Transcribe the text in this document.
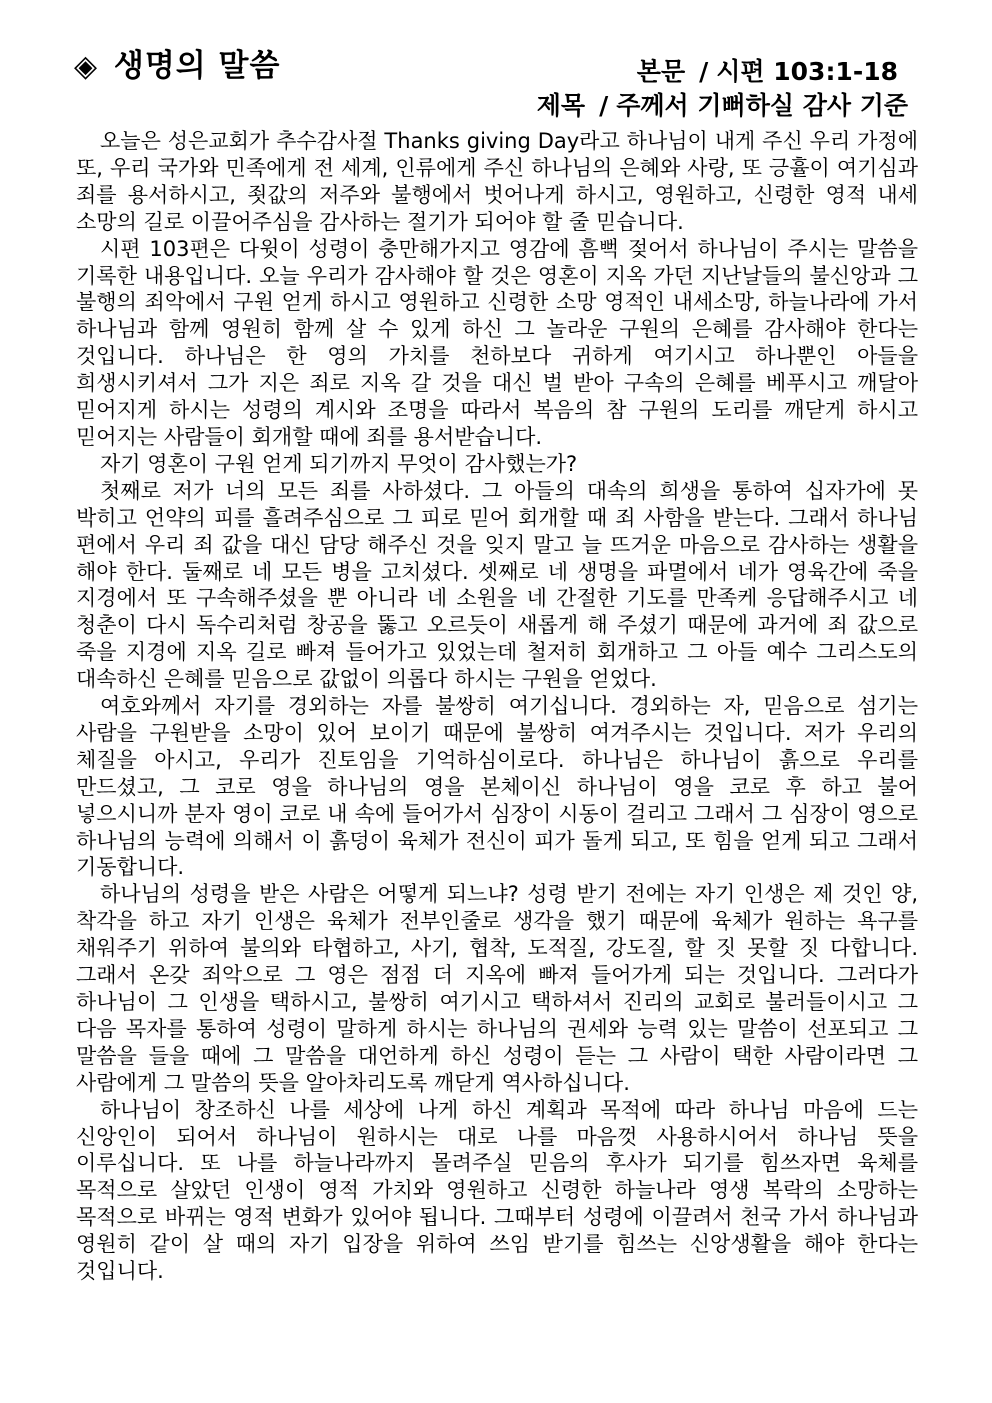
◈ 생명의 말씀	본문 / 시편 103:1-18
제목 / 주께서 기뻐하실 감사 기준

오늘은 성은교회가 추수감사절 Thanks giving Day라고 하나님이 내게 주신 우리 가정에 또, 우리 국가와 민족에게 전 세계, 인류에게 주신 하나님의 은혜와 사랑, 또 긍휼이 여기심과 죄를 용서하시고, 죗값의 저주와 불행에서 벗어나게 하시고, 영원하고, 신령한 영적 내세 소망의 길로 이끌어주심을 감사하는 절기가 되어야 할 줄 믿습니다.

시편 103편은 다윗이 성령이 충만해가지고 영감에 흠뻑 젖어서 하나님이 주시는 말씀을 기록한 내용입니다. 오늘 우리가 감사해야 할 것은 영혼이 지옥 가던 지난날들의 불신앙과 그 불행의 죄악에서 구원 얻게 하시고 영원하고 신령한 소망 영적인 내세소망, 하늘나라에 가서 하나님과 함께 영원히 함께 살 수 있게 하신 그 놀라운 구원의 은혜를 감사해야 한다는 것입니다. 하나님은 한 영의 가치를 천하보다 귀하게 여기시고 하나뿐인 아들을 희생시키셔서 그가 지은 죄로 지옥 갈 것을 대신 벌 받아 구속의 은혜를 베푸시고 깨달아 믿어지게 하시는 성령의 계시와 조명을 따라서 복음의 참 구원의 도리를 깨닫게 하시고 믿어지는 사람들이 회개할 때에 죄를 용서받습니다.

자기 영혼이 구원 얻게 되기까지 무엇이 감사했는가?

첫째로 저가 너의 모든 죄를 사하셨다. 그 아들의 대속의 희생을 통하여 십자가에 못 박히고 언약의 피를 흘려주심으로 그 피로 믿어 회개할 때 죄 사함을 받는다. 그래서 하나님 편에서 우리 죄 값을 대신 담당 해주신 것을 잊지 말고 늘 뜨거운 마음으로 감사하는 생활을 해야 한다. 둘째로 네 모든 병을 고치셨다. 셋째로 네 생명을 파멸에서 네가 영육간에 죽을 지경에서 또 구속해주셨을 뿐 아니라 네 소원을 네 간절한 기도를 만족케 응답해주시고 네 청춘이 다시 독수리처럼 창공을 뚫고 오르듯이 새롭게 해 주셨기 때문에 과거에 죄 값으로 죽을 지경에 지옥 길로 빠져 들어가고 있었는데 철저히 회개하고 그 아들 예수 그리스도의 대속하신 은혜를 믿음으로 값없이 의롭다 하시는 구원을 얻었다.

여호와께서 자기를 경외하는 자를 불쌍히 여기십니다. 경외하는 자, 믿음으로 섬기는 사람을 구원받을 소망이 있어 보이기 때문에 불쌍히 여겨주시는 것입니다. 저가 우리의 체질을 아시고, 우리가 진토임을 기억하심이로다. 하나님은 하나님이 흙으로 우리를 만드셨고, 그 코로 영을 하나님의 영을 본체이신 하나님이 영을 코로 후 하고 불어 넣으시니까 분자 영이 코로 내 속에 들어가서 심장이 시동이 걸리고 그래서 그 심장이 영으로 하나님의 능력에 의해서 이 흙덩이 육체가 전신이 피가 돌게 되고, 또 힘을 얻게 되고 그래서 기동합니다.

하나님의 성령을 받은 사람은 어떻게 되느냐? 성령 받기 전에는 자기 인생은 제 것인 양, 착각을 하고 자기 인생은 육체가 전부인줄로 생각을 했기 때문에 육체가 원하는 욕구를 채워주기 위하여 불의와 타협하고, 사기, 협착, 도적질, 강도질, 할 짓 못할 짓 다합니다. 그래서 온갖 죄악으로 그 영은 점점 더 지옥에 빠져 들어가게 되는 것입니다. 그러다가 하나님이 그 인생을 택하시고, 불쌍히 여기시고 택하셔서 진리의 교회로 불러들이시고 그 다음 목자를 통하여 성령이 말하게 하시는 하나님의 권세와 능력 있는 말씀이 선포되고 그 말씀을 들을 때에 그 말씀을 대언하게 하신 성령이 듣는 그 사람이 택한 사람이라면 그 사람에게 그 말씀의 뜻을 알아차리도록 깨닫게 역사하십니다.

하나님이 창조하신 나를 세상에 나게 하신 계획과 목적에 따라 하나님 마음에 드는 신앙인이 되어서 하나님이 원하시는 대로 나를 마음껏 사용하시어서 하나님 뜻을 이루십니다. 또 나를 하늘나라까지 몰려주실 믿음의 후사가 되기를 힘쓰자면 육체를 목적으로 살았던 인생이 영적 가치와 영원하고 신령한 하늘나라 영생 복락의 소망하는 목적으로 바뀌는 영적 변화가 있어야 됩니다. 그때부터 성령에 이끌려서 천국 가서 하나님과 영원히 같이 살 때의 자기 입장을 위하여 쓰임 받기를 힘쓰는 신앙생활을 해야 한다는 것입니다.
